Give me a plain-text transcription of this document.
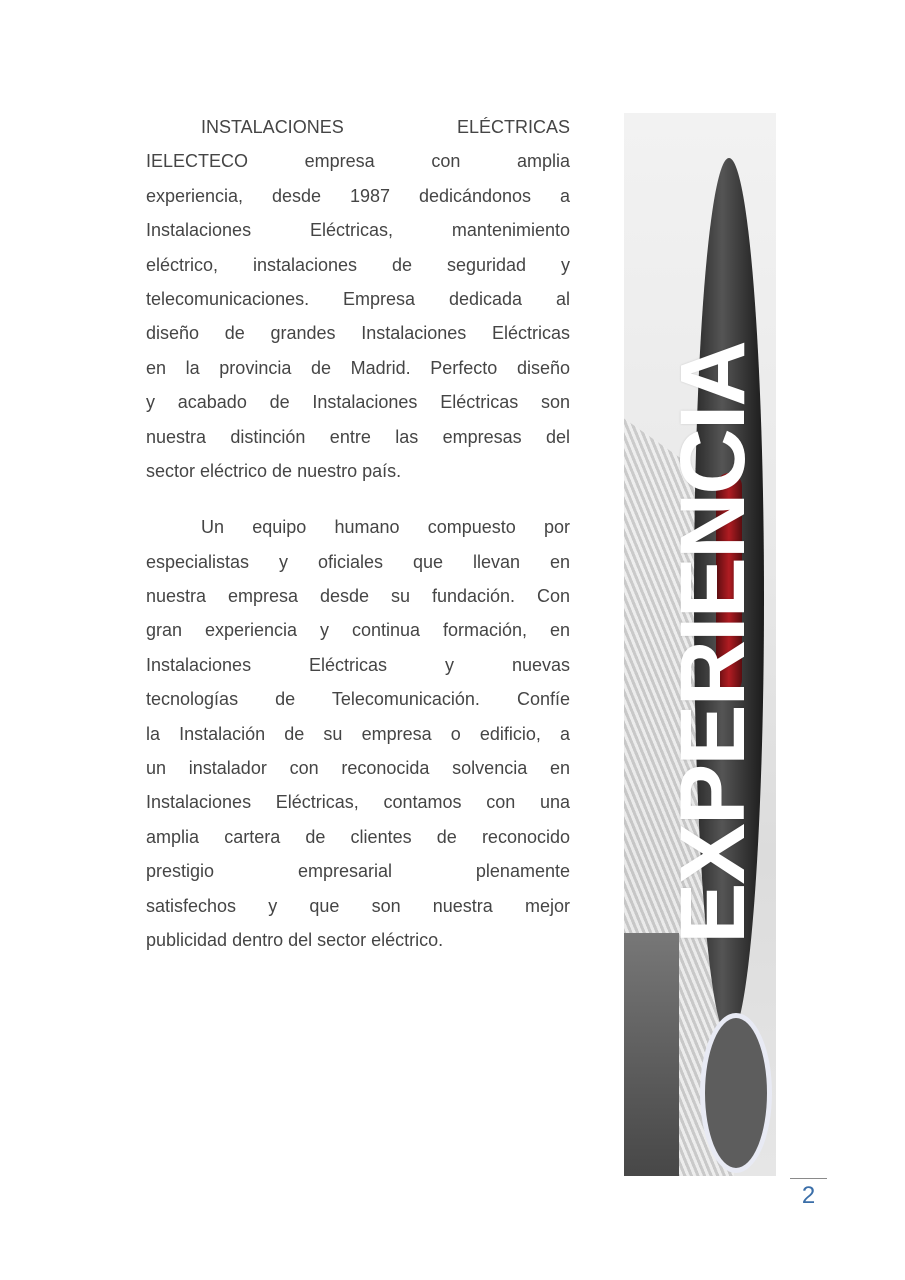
INSTALACIONES ELÉCTRICAS
IELECTECO empresa con amplia
experiencia, desde 1987 dedicándonos a
Instalaciones Eléctricas, mantenimiento
eléctrico, instalaciones de seguridad y
telecomunicaciones. Empresa dedicada al
diseño de grandes Instalaciones Eléctricas
en la provincia de Madrid. Perfecto diseño
y acabado de Instalaciones Eléctricas son
nuestra distinción entre las empresas del
sector eléctrico de nuestro país.
Un equipo humano compuesto por
especialistas y oficiales que llevan en
nuestra empresa desde su fundación. Con
gran experiencia y continua formación, en
Instalaciones Eléctricas y nuevas
tecnologías de Telecomunicación. Confíe
la Instalación de su empresa o edificio, a
un instalador con reconocida solvencia en
Instalaciones Eléctricas, contamos con una
amplia cartera de clientes de reconocido
prestigio empresarial plenamente
satisfechos y que son nuestra mejor
publicidad dentro del sector eléctrico.	EXPERIENCIA
2
